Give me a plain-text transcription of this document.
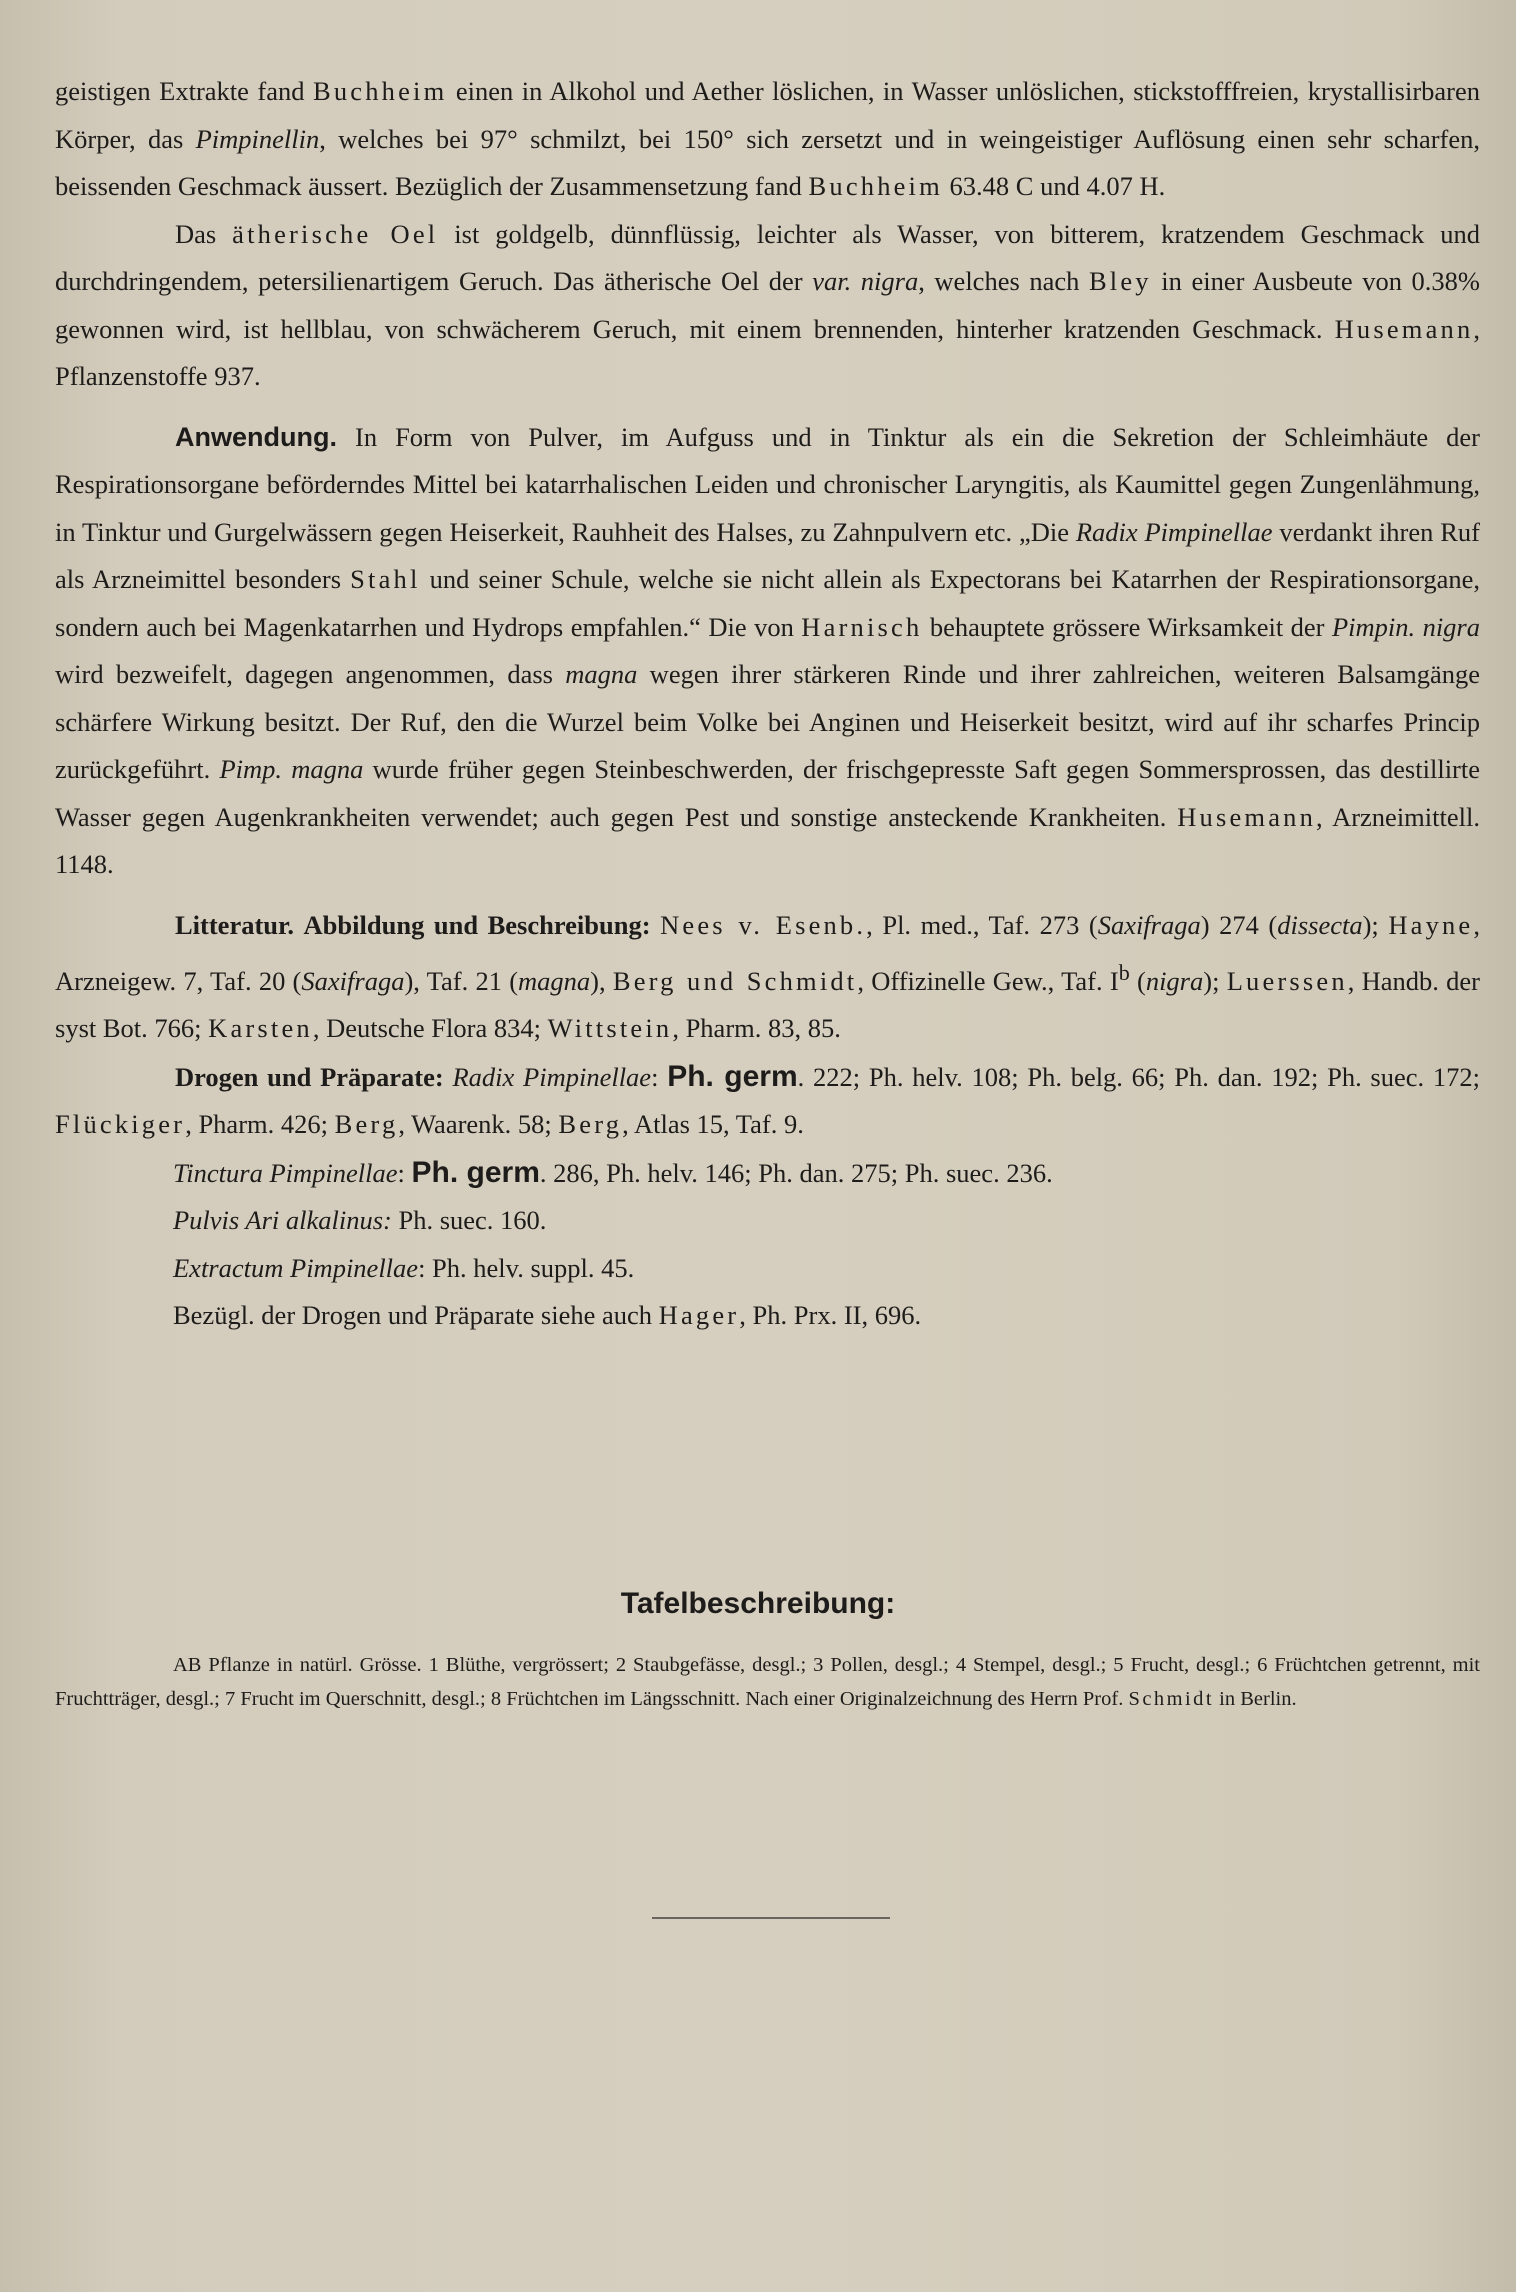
geistigen Extrakte fand Buchheim einen in Alkohol und Aether löslichen, in Wasser unlöslichen, stickstofffreien, krystallisirbaren Körper, das Pimpinellin, welches bei 97° schmilzt, bei 150° sich zersetzt und in weingeistiger Auflösung einen sehr scharfen, beissenden Geschmack äussert. Bezüglich der Zusammensetzung fand Buchheim 63.48 C und 4.07 H.

Das ätherische Oel ist goldgelb, dünnflüssig, leichter als Wasser, von bitterem, kratzendem Geschmack und durchdringendem, petersilienartigem Geruch. Das ätherische Oel der var. nigra, welches nach Bley in einer Ausbeute von 0.38% gewonnen wird, ist hellblau, von schwächerem Geruch, mit einem brennenden, hinterher kratzenden Geschmack. Husemann, Pflanzenstoffe 937.

Anwendung. In Form von Pulver, im Aufguss und in Tinktur als ein die Sekretion der Schleimhäute der Respirationsorgane beförderndes Mittel bei katarrhalischen Leiden und chronischer Laryngitis, als Kaumittel gegen Zungenlähmung, in Tinktur und Gurgelwässern gegen Heiserkeit, Rauhheit des Halses, zu Zahnpulvern etc. „Die Radix Pimpinellae verdankt ihren Ruf als Arzneimittel besonders Stahl und seiner Schule, welche sie nicht allein als Expectorans bei Katarrhen der Respirationsorgane, sondern auch bei Magenkatarrhen und Hydrops empfahlen.“ Die von Harnisch behauptete grössere Wirksamkeit der Pimpin. nigra wird bezweifelt, dagegen angenommen, dass magna wegen ihrer stärkeren Rinde und ihrer zahlreichen, weiteren Balsamgänge schärfere Wirkung besitzt. Der Ruf, den die Wurzel beim Volke bei Anginen und Heiserkeit besitzt, wird auf ihr scharfes Princip zurückgeführt. Pimp. magna wurde früher gegen Steinbeschwerden, der frischgepresste Saft gegen Sommersprossen, das destillirte Wasser gegen Augenkrankheiten verwendet; auch gegen Pest und sonstige ansteckende Krankheiten. Husemann, Arzneimittell. 1148.

Litteratur. Abbildung und Beschreibung: Nees v. Esenb., Pl. med., Taf. 273 (Saxifraga) 274 (dissecta); Hayne, Arzneigew. 7, Taf. 20 (Saxifraga), Taf. 21 (magna), Berg und Schmidt, Offizinelle Gew., Taf. $I^b$ (nigra); Luerssen, Handb. der syst Bot. 766; Karsten, Deutsche Flora 834; Wittstein, Pharm. 83, 85.

Drogen und Präparate: Radix Pimpinellae: Ph. germ. 222; Ph. helv. 108; Ph. belg. 66; Ph. dan. 192; Ph. suec. 172; Flückiger, Pharm. 426; Berg, Waarenk. 58; Berg, Atlas 15, Taf. 9.

Tinctura Pimpinellae: Ph. germ. 286, Ph. helv. 146; Ph. dan. 275; Ph. suec. 236.

Pulvis Ari alkalinus: Ph. suec. 160.

Extractum Pimpinellae: Ph. helv. suppl. 45.

Bezügl. der Drogen und Präparate siehe auch Hager, Ph. Prx. II, 696.

Tafelbeschreibung:

AB Pflanze in natürl. Grösse. 1 Blüthe, vergrössert; 2 Staubgefässe, desgl.; 3 Pollen, desgl.; 4 Stempel, desgl.; 5 Frucht, desgl.; 6 Früchtchen getrennt, mit Fruchtträger, desgl.; 7 Frucht im Querschnitt, desgl.; 8 Früchtchen im Längsschnitt. Nach einer Originalzeichnung des Herrn Prof. Schmidt in Berlin.
